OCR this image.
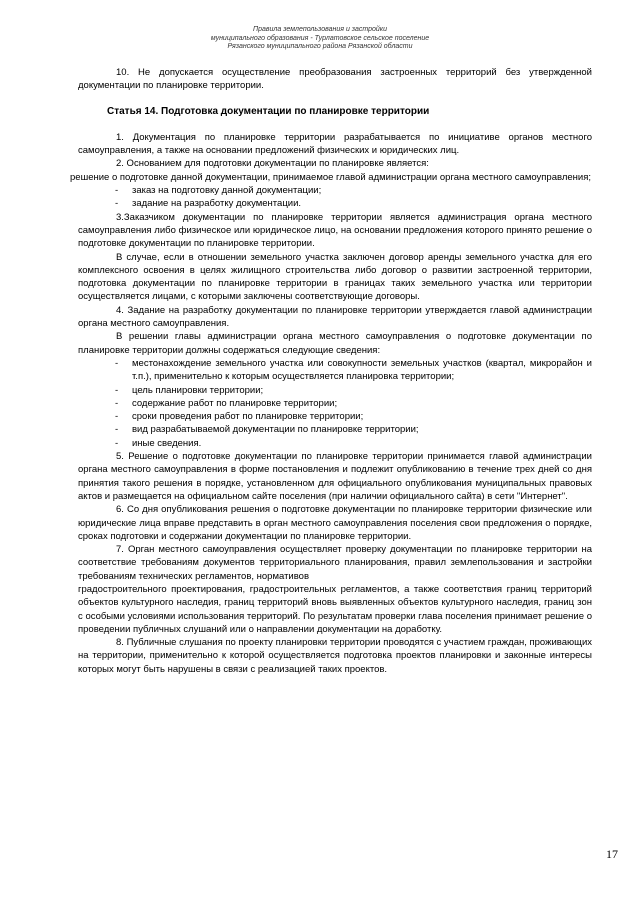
Правила землепользования и застройки
муниципального образования - Турлатовское сельское поселение
Рязанского муниципального района Рязанской области

10. Не допускается осуществление преобразования застроенных территорий без утвержденной документации по планировке территории.

Статья 14. Подготовка документации по планировке территории

1. Документация по планировке территории разрабатывается по инициативе органов местного самоуправления, а также на основании предложений физических и юридических лиц.

2. Основанием для подготовки документации по планировке является:

решение о подготовке данной документации, принимаемое главой администрации органа местного самоуправления;

- заказ на подготовку данной документации;
- задание на разработку документации.

3.Заказчиком документации по планировке территории является администрация органа местного самоуправления либо физическое или юридическое лицо, на основании предложения которого принято решение о подготовке документации по планировке территории.

В случае, если в отношении земельного участка заключен договор аренды земельного участка для его комплексного освоения в целях жилищного строительства либо договор о развитии застроенной территории, подготовка документации по планировке территории в границах таких земельного участка или территории осуществляется лицами, с которыми заключены соответствующие договоры.

4. Задание на разработку документации по планировке территории утверждается главой администрации органа местного самоуправления.

В решении главы администрации органа местного самоуправления о подготовке документации по планировке территории должны содержаться следующие сведения:

- местонахождение земельного участка или совокупности земельных участков (квартал, микрорайон и т.п.), применительно к которым осуществляется планировка территории;
- цель планировки территории;
- содержание работ по планировке территории;
- сроки проведения работ по планировке территории;
- вид разрабатываемой документации по планировке территории;
- иные сведения.

5. Решение о подготовке документации по планировке территории принимается главой администрации органа местного самоуправления в форме постановления и подлежит опубликованию в течение трех дней со дня принятия такого решения в порядке, установленном для официального опубликования муниципальных правовых актов и размещается на официальном сайте поселения (при наличии официального сайта) в сети "Интернет".

6. Со дня опубликования решения о подготовке документации по планировке территории физические или юридические лица вправе представить в орган местного самоуправления поселения свои предложения о порядке, сроках подготовки и содержании документации по планировке территории.

7. Орган местного самоуправления осуществляет проверку документации по планировке территории на соответствие требованиям документов территориального планирования, правил землепользования и застройки требованиям технических регламентов, нормативов

градостроительного проектирования, градостроительных регламентов, а также соответствия границ территорий объектов культурного наследия, границ территорий вновь выявленных объектов культурного наследия, границ зон с особыми условиями использования территорий. По результатам проверки глава поселения принимает решение о проведении публичных слушаний или о направлении документации на доработку.

8. Публичные слушания по проекту планировки территории проводятся с участием граждан, проживающих на территории, применительно к которой осуществляется подготовка проектов планировки и законные интересы которых могут быть нарушены в связи с реализацией таких проектов.

17
